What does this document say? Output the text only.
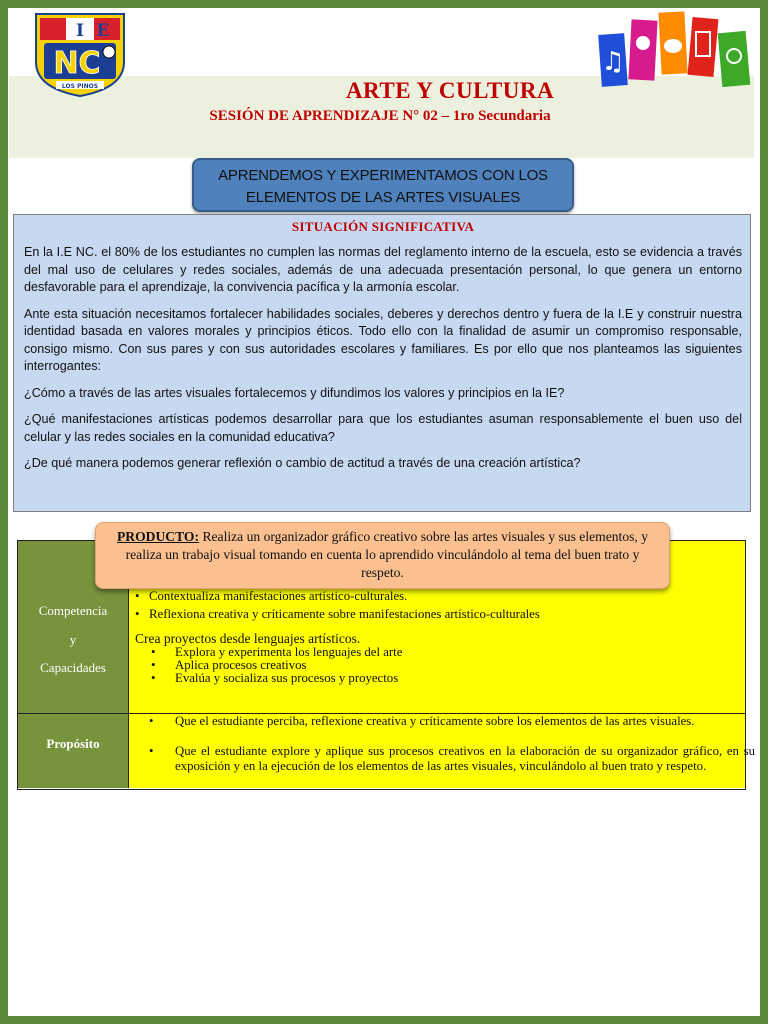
I E
NC
LOS PINOS
♫
ARTE Y CULTURA
SESIÓN DE APRENDIZAJE N° 02 – 1ro Secundaria
APRENDEMOS Y EXPERIMENTAMOS CON LOS
ELEMENTOS DE LAS ARTES VISUALES
SITUACIÓN SIGNIFICATIVA

En la I.E NC. el 80% de los estudiantes no cumplen las normas del reglamento interno de la escuela, esto se evidencia a través del mal uso de celulares y redes sociales, además de una adecuada presentación personal, lo que genera un entorno desfavorable para el aprendizaje, la convivencia pacífica y la armonía escolar.

Ante esta situación necesitamos fortalecer habilidades sociales, deberes y derechos dentro y fuera de la I.E y construir nuestra identidad basada en valores morales y principios éticos. Todo ello con la finalidad de asumir un compromiso responsable, consigo mismo. Con sus pares y con sus autoridades escolares y familiares. Es por ello que nos planteamos las siguientes interrogantes:

¿Cómo a través de las artes visuales fortalecemos y difundimos los valores y principios en la IE?

¿Qué manifestaciones artísticas podemos desarrollar para que los estudiantes asuman responsablemente el buen uso del celular y las redes sociales en la comunidad educativa?

¿De qué manera podemos generar reflexión o cambio de actitud a través de una creación artística?

Competencia
y
Capacidades
• Contextualiza manifestaciones artístico-culturales.
• Reflexiona creativa y críticamente sobre manifestaciones artístico-culturales
Crea proyectos desde lenguajes artísticos.
• Explora y experimenta los lenguajes del arte
• Aplica procesos creativos
• Evalúa y socializa sus procesos y proyectos
Propósito
• Que el estudiante perciba, reflexione creativa y críticamente sobre los elementos de las artes visuales.
• Que el estudiante explore y aplique sus procesos creativos en la elaboración de su organizador gráfico, en su exposición y en la ejecución de los elementos de las artes visuales, vinculándolo al buen trato y respeto.
PRODUCTO: Realiza un organizador gráfico creativo sobre las artes visuales y sus elementos, y realiza un trabajo visual tomando en cuenta lo aprendido vinculándolo al tema del buen trato y respeto.
